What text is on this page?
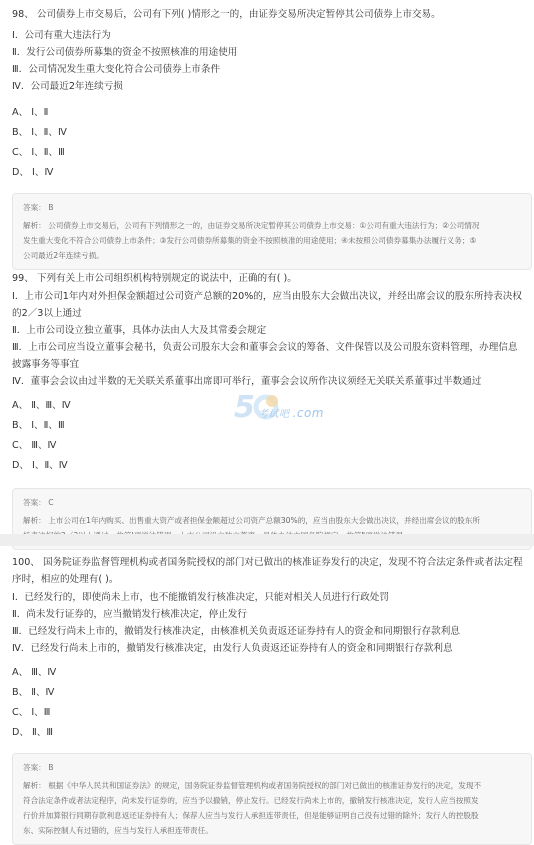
98、 公司债券上市交易后，公司有下列( )情形之一的，由证券交易所决定暂停其公司债券上市交易。
Ⅰ．公司有重大违法行为
Ⅱ．发行公司债券所募集的资金不按照核准的用途使用
Ⅲ．公司情况发生重大变化符合公司债券上市条件
Ⅳ．公司最近2年连续亏损
A、 Ⅰ、Ⅱ
B、 Ⅰ、Ⅱ、Ⅳ
C、 Ⅰ、Ⅱ、Ⅲ
D、 Ⅰ、Ⅳ
答案： B
解析： 公司债券上市交易后，公司有下列情形之一的，由证券交易所决定暂停其公司债券上市交易：①公司有重大违法行为；②公司情况
发生重大变化不符合公司债券上市条件；③发行公司债券所募集的资金不按照核准的用途使用；④未按照公司债券募集办法履行义务；⑤
公司最近2年连续亏损。
99、 下列有关上市公司组织机构特别规定的说法中，正确的有( )。
Ⅰ．上市公司1年内对外担保金额超过公司资产总额的20%的，应当由股东大会做出决议，并经出席会议的股东所持表决权
的2／3以上通过
Ⅱ．上市公司设立独立董事，具体办法由人大及其常委会规定
Ⅲ．上市公司应当设立董事会秘书，负责公司股东大会和董事会会议的筹备、文件保管以及公司股东资料管理，办理信息
披露事务等事宜
Ⅳ．董事会会议由过半数的无关联关系董事出席即可举行，董事会会议所作决议须经无关联关系董事过半数通过
A、 Ⅱ、Ⅲ、Ⅳ
B、 Ⅰ、Ⅱ、Ⅲ
C、 Ⅲ、Ⅳ
D、 Ⅰ、Ⅱ、Ⅳ
答案： C
解析： 上市公司在1年内购买、出售重大资产或者担保金额超过公司资产总额30%的，应当由股东大会做出决议，并经出席会议的股东所
5 考试吧 .com
100、 国务院证券监督管理机构或者国务院授权的部门对已做出的核准证券发行的决定，发现不符合法定条件或者法定程
序时，相应的处理有( )。
Ⅰ．已经发行的，即使尚未上市，也不能撤销发行核准决定，只能对相关人员进行行政处罚
Ⅱ．尚未发行证券的，应当撤销发行核准决定，停止发行
Ⅲ．已经发行尚未上市的，撤销发行核准决定，由核准机关负责返还证券持有人的资金和同期银行存款利息
Ⅳ．已经发行尚未上市的，撤销发行核准决定，由发行人负责返还证券持有人的资金和同期银行存款利息
A、 Ⅲ、Ⅳ
B、 Ⅱ、Ⅳ
C、 Ⅰ、Ⅲ
D、 Ⅱ、Ⅲ
答案： B
解析： 根据《中华人民共和国证券法》的规定，国务院证券监督管理机构或者国务院授权的部门对已做出的核准证券发行的决定，发现不
符合法定条件或者法定程序，尚未发行证券的，应当予以撤销，停止发行。已经发行尚未上市的，撤销发行核准决定，发行人应当按照发
行价并加算银行同期存款利息返还证券持有人；保荐人应当与发行人承担连带责任，但是能够证明自己没有过错的除外；发行人的控股股
东、实际控制人有过错的，应当与发行人承担连带责任。
